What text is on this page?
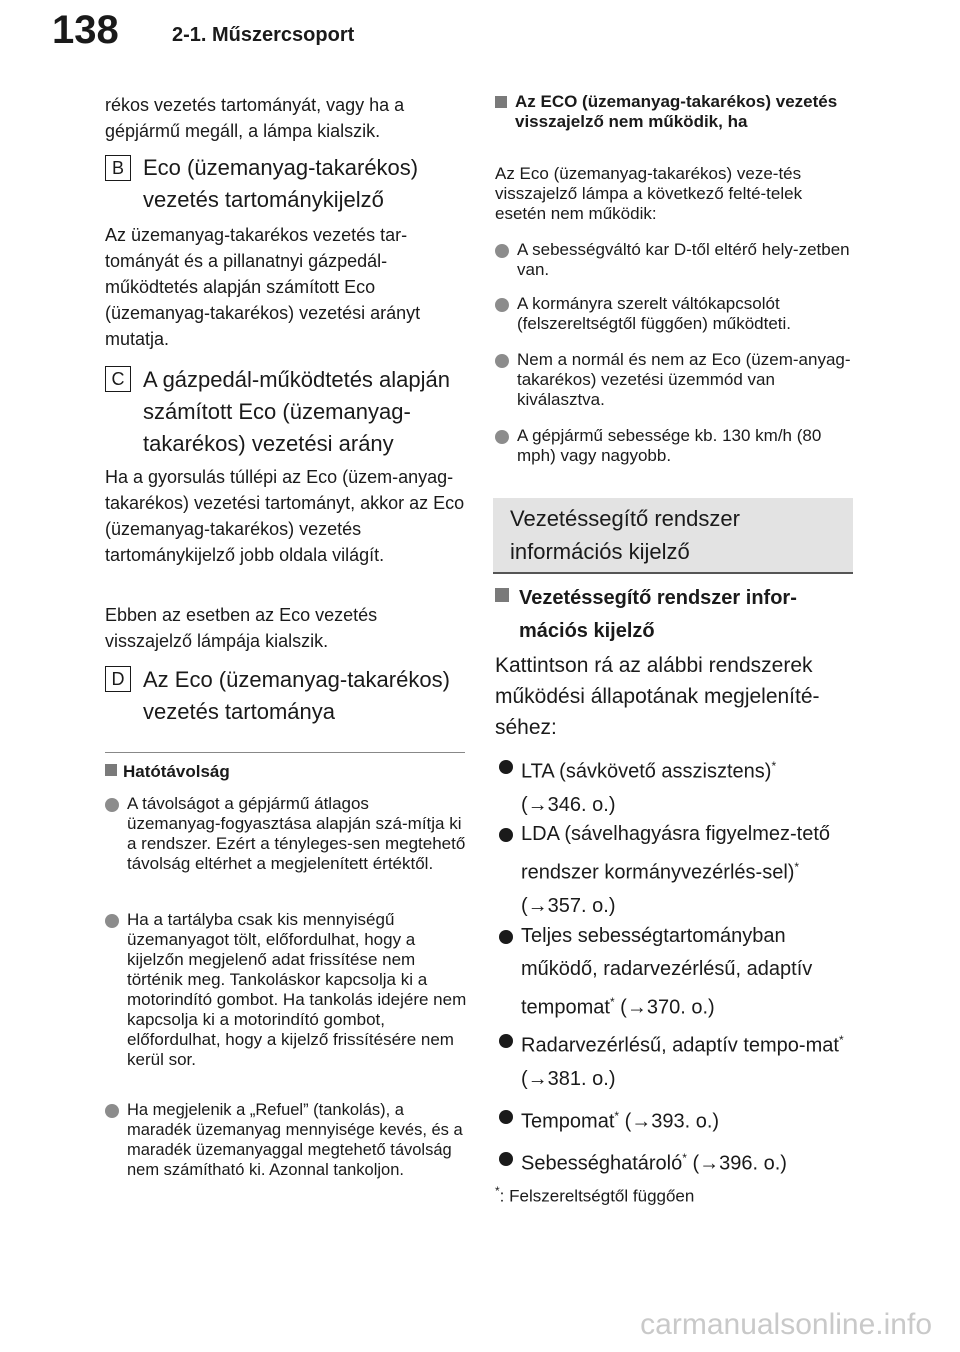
138	2-1. Műszercsoport
rékos vezetés tartományát, vagy ha a gépjármű megáll, a lámpa kialszik.
B Eco (üzemanyag-takarékos) vezetés tartománykijelző
Az üzemanyag-takarékos vezetés tar-tományát és a pillanatnyi gázpedál-működtetés alapján számított Eco (üzemanyag-takarékos) vezetési arányt mutatja.
C A gázpedál-működtetés alapján számított Eco (üzemanyag-takarékos) vezetési arány
Ha a gyorsulás túllépi az Eco (üzem-anyag-takarékos) vezetési tartományt, akkor az Eco (üzemanyag-takarékos) vezetés tartománykijelző jobb oldala világít.
Ebben az esetben az Eco vezetés visszajelző lámpája kialszik.
D Az Eco (üzemanyag-takarékos) vezetés tartománya
Hatótávolság
A távolságot a gépjármű átlagos üzemanyag-fogyasztása alapján szá-mítja ki a rendszer. Ezért a tényleges-sen megtehető távolság eltérhet a megjelenített értéktől.
Ha a tartályba csak kis mennyiségű üzemanyagot tölt, előfordulhat, hogy a kijelzőn megjelenő adat frissítése nem történik meg. Tankoláskor kapcsolja ki a motorindító gombot. Ha tankolás idejére nem kapcsolja ki a motorindító gombot, előfordulhat, hogy a kijelző frissítésére nem kerül sor.
Ha megjelenik a „Refuel” (tankolás), a maradék üzemanyag mennyisége kevés, és a maradék üzemanyaggal megtehető távolság nem számítható ki. Azonnal tankoljon.
Az ECO (üzemanyag-takarékos) vezetés visszajelző nem működik, ha
Az Eco (üzemanyag-takarékos) veze-tés visszajelző lámpa a következő felté-telek esetén nem működik:
A sebességváltó kar D-től eltérő hely-zetben van.
A kormányra szerelt váltókapcsolót (felszereltségtől függően) működteti.
Nem a normál és nem az Eco (üzem-anyag-takarékos) vezetési üzemmód van kiválasztva.
A gépjármű sebessége kb. 130 km/h (80 mph) vagy nagyobb.
Vezetéssegítő rendszer
információs kijelző
Vezetéssegítő rendszer infor-
mációs kijelző
Kattintson rá az alábbi rendszerek működési állapotának megjeleníté-séhez:
LTA (sávkövető asszisztens)*
(→346. o.)
LDA (sávelhagyásra figyelmez-tető rendszer kormányvezérlés-sel)* (→357. o.)
Teljes sebességtartományban működő, radarvezérlésű, adaptív tempomat* (→370. o.)
Radarvezérlésű, adaptív tempo-mat* (→381. o.)
Tempomat* (→393. o.)
Sebességhatároló* (→396. o.)
*: Felszereltségtől függően
carmanualsonline.info
